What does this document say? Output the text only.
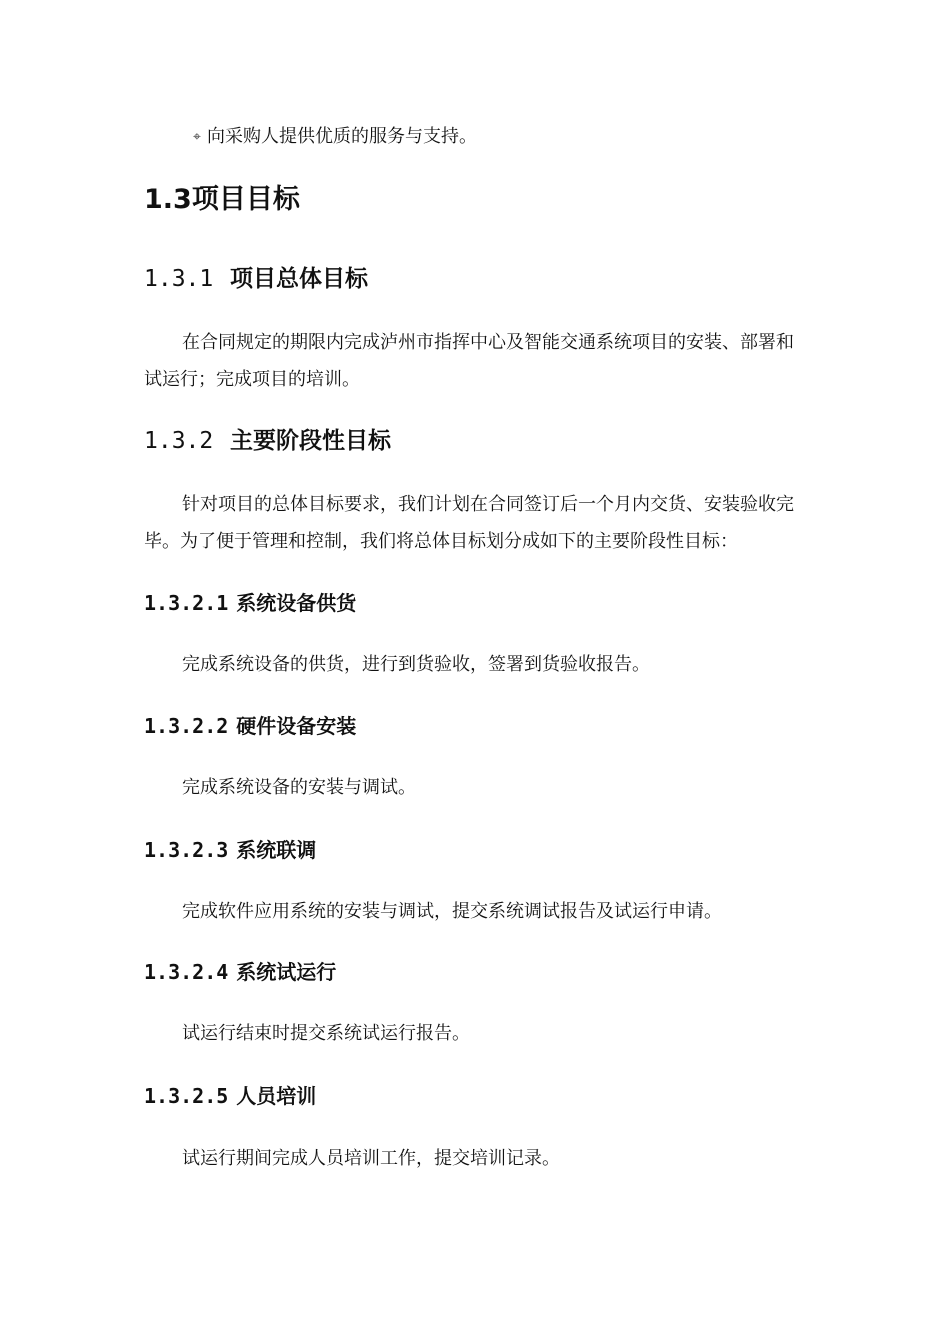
⌖ 向采购人提供优质的服务与支持。

1.3项目目标
1.3.1 项目总体目标

在合同规定的期限内完成泸州市指挥中心及智能交通系统项目的安装、部署和试运行；完成项目的培训。

1.3.2 主要阶段性目标

针对项目的总体目标要求，我们计划在合同签订后一个月内交货、安装验收完毕。为了便于管理和控制，我们将总体目标划分成如下的主要阶段性目标：

1.3.2.1 系统设备供货

完成系统设备的供货，进行到货验收，签署到货验收报告。

1.3.2.2 硬件设备安装

完成系统设备的安装与调试。

1.3.2.3 系统联调

完成软件应用系统的安装与调试，提交系统调试报告及试运行申请。

1.3.2.4 系统试运行

试运行结束时提交系统试运行报告。

1.3.2.5 人员培训

试运行期间完成人员培训工作，提交培训记录。
